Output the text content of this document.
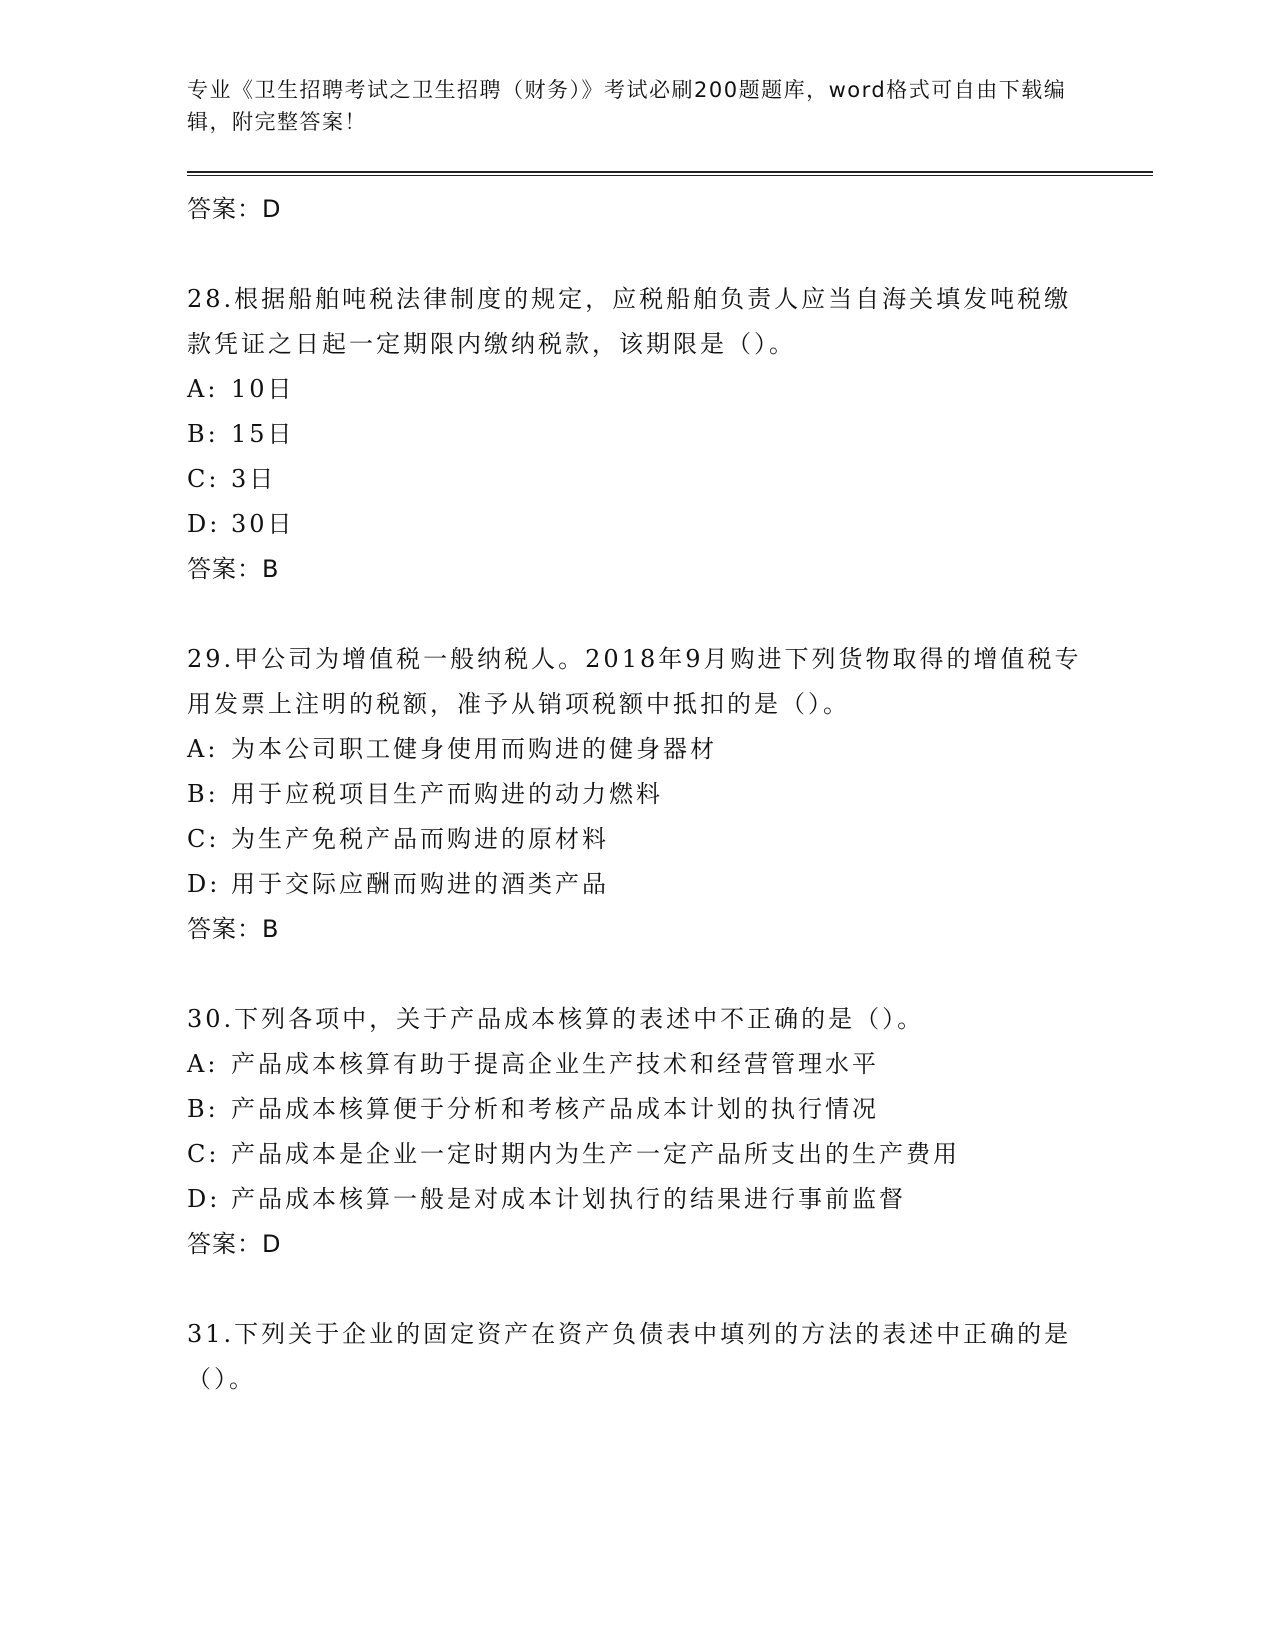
专业《卫生招聘考试之卫生招聘（财务）》考试必刷200题题库，word格式可自由下载编辑，附完整答案！
答案：D
28.根据船舶吨税法律制度的规定，应税船舶负责人应当自海关填发吨税缴款凭证之日起一定期限内缴纳税款，该期限是（）。
A: 10日
B: 15日
C: 3日
D: 30日
答案：B
29.甲公司为增值税一般纳税人。2018年9月购进下列货物取得的增值税专用发票上注明的税额，准予从销项税额中抵扣的是（）。
A: 为本公司职工健身使用而购进的健身器材
B: 用于应税项目生产而购进的动力燃料
C: 为生产免税产品而购进的原材料
D: 用于交际应酬而购进的酒类产品
答案：B
30.下列各项中，关于产品成本核算的表述中不正确的是（）。
A: 产品成本核算有助于提高企业生产技术和经营管理水平
B: 产品成本核算便于分析和考核产品成本计划的执行情况
C: 产品成本是企业一定时期内为生产一定产品所支出的生产费用
D: 产品成本核算一般是对成本计划执行的结果进行事前监督
答案：D
31.下列关于企业的固定资产在资产负债表中填列的方法的表述中正确的是（）。
